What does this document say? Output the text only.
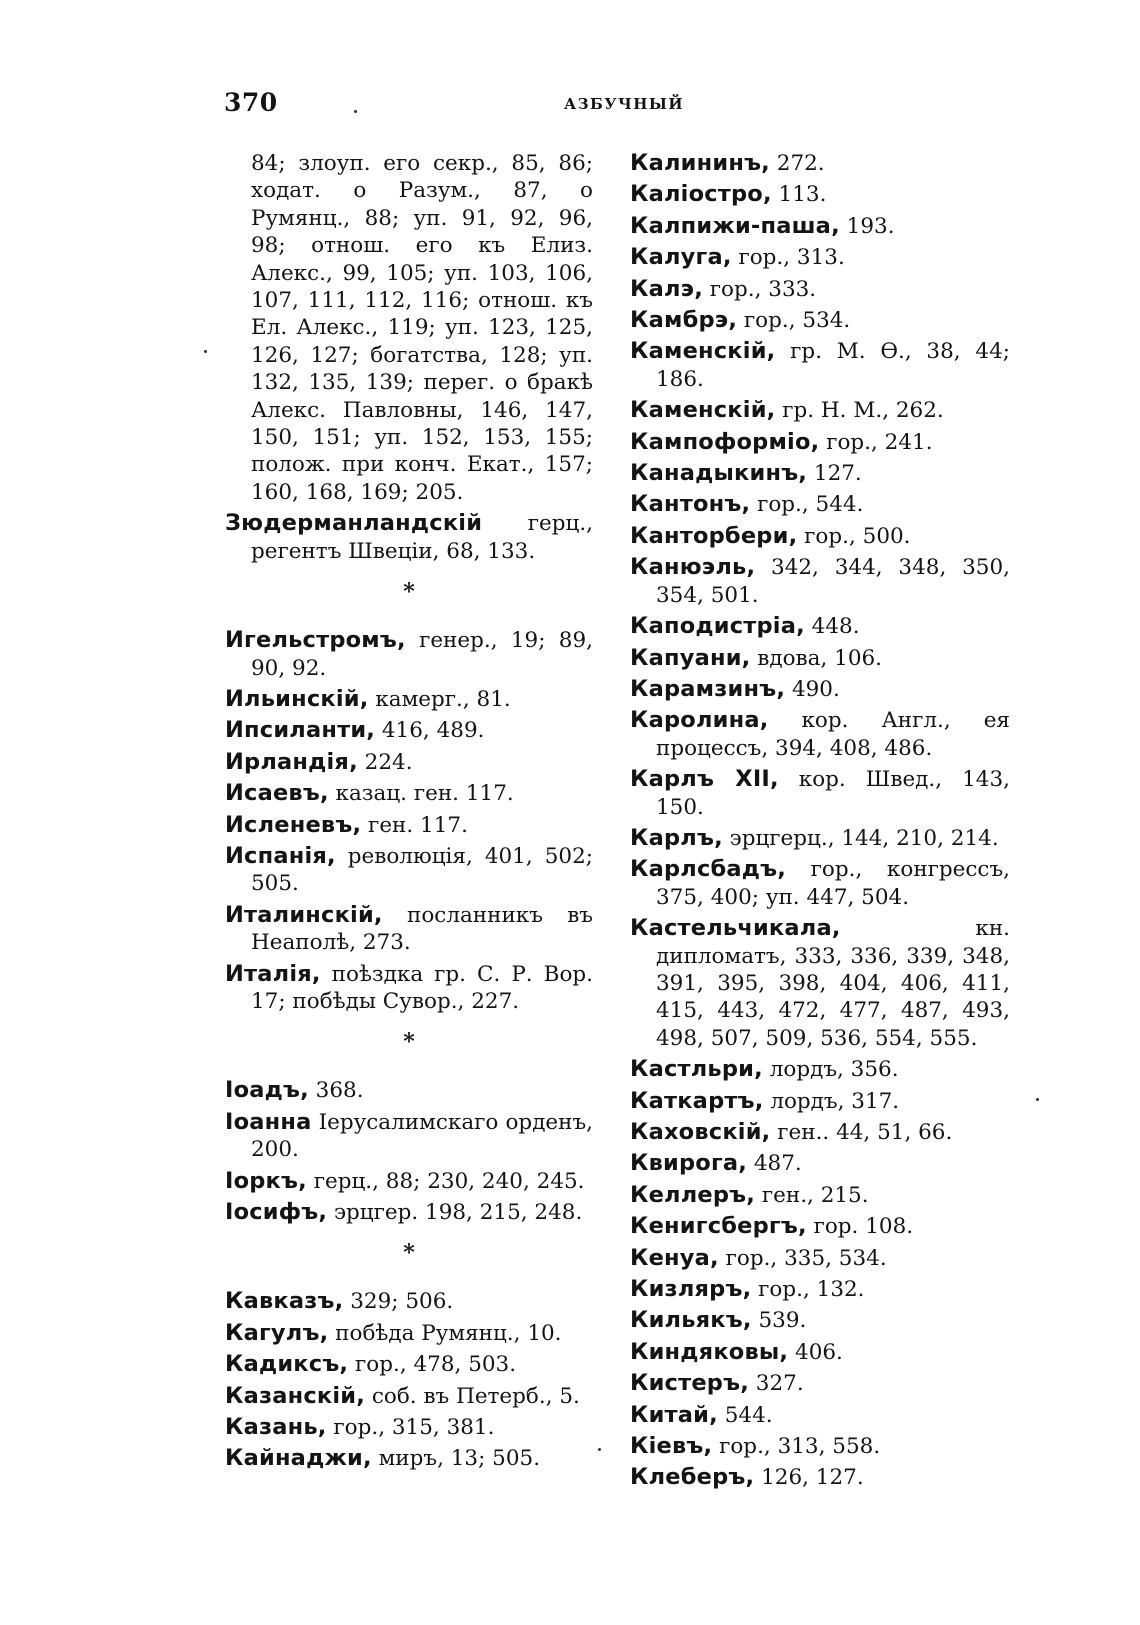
370	АЗБУЧНЫЙ
84; злоуп. его секр., 85, 86; ходат. о Разум., 87, о Румянц., 88; уп. 91, 92, 96, 98; отнош. его къ Елиз. Алекс., 99, 105; уп. 103, 106, 107, 111, 112, 116; отнош. къ Ел. Алекс., 119; уп. 123, 125, 126, 127; богатства, 128; уп. 132, 135, 139; перег. о бракѣ Алекс. Павловны, 146, 147, 150, 151; уп. 152, 153, 155; полож. при конч. Екат., 157; 160, 168, 169; 205.
Зюдерманландскій герц., регентъ Швеціи, 68, 133.
*
Игельстромъ, генер., 19; 89, 90, 92.
Ильинскій, камерг., 81.
Ипсиланти, 416, 489.
Ирландія, 224.
Исаевъ, казац. ген. 117.
Исленевъ, ген. 117.
Испанія, революція, 401, 502; 505.
Италинскій, посланникъ въ Неаполѣ, 273.
Италія, поѣздка гр. С. Р. Вор. 17; побѣды Сувор., 227.
*
Іоадъ, 368.
Іоанна Іерусалимскаго орденъ, 200.
Іоркъ, герц., 88; 230, 240, 245.
Іосифъ, эрцгер. 198, 215, 248.
*
Кавказъ, 329; 506.
Кагулъ, побѣда Румянц., 10.
Кадиксъ, гор., 478, 503.
Казанскій, соб. въ Петерб., 5.
Казань, гор., 315, 381.
Кайнаджи, миръ, 13; 505.
Калининъ, 272.
Каліостро, 113.
Калпижи-паша, 193.
Калуга, гор., 313.
Калэ, гор., 333.
Камбрэ, гор., 534.
Каменскій, гр. М. Ѳ., 38, 44; 186.
Каменскій, гр. Н. М., 262.
Кампоформіо, гор., 241.
Канадыкинъ, 127.
Кантонъ, гор., 544.
Канторбери, гор., 500.
Канюэль, 342, 344, 348, 350, 354, 501.
Каподистріа, 448.
Капуани, вдова, 106.
Карамзинъ, 490.
Каролина, кор. Англ., ея процессъ, 394, 408, 486.
Карлъ XII, кор. Швед., 143, 150.
Карлъ, эрцгерц., 144, 210, 214.
Карлсбадъ, гор., конгрессъ, 375, 400; уп. 447, 504.
Кастельчикала, кн. дипломатъ, 333, 336, 339, 348, 391, 395, 398, 404, 406, 411, 415, 443, 472, 477, 487, 493, 498, 507, 509, 536, 554, 555.
Кастльри, лордъ, 356.
Каткартъ, лордъ, 317.
Каховскій, ген.. 44, 51, 66.
Квирога, 487.
Келлеръ, ген., 215.
Кенигсбергъ, гор. 108.
Кенуа, гор., 335, 534.
Кизляръ, гор., 132.
Кильякъ, 539.
Киндяковы, 406.
Кистеръ, 327.
Китай, 544.
Кіевъ, гор., 313, 558.
Клеберъ, 126, 127.
